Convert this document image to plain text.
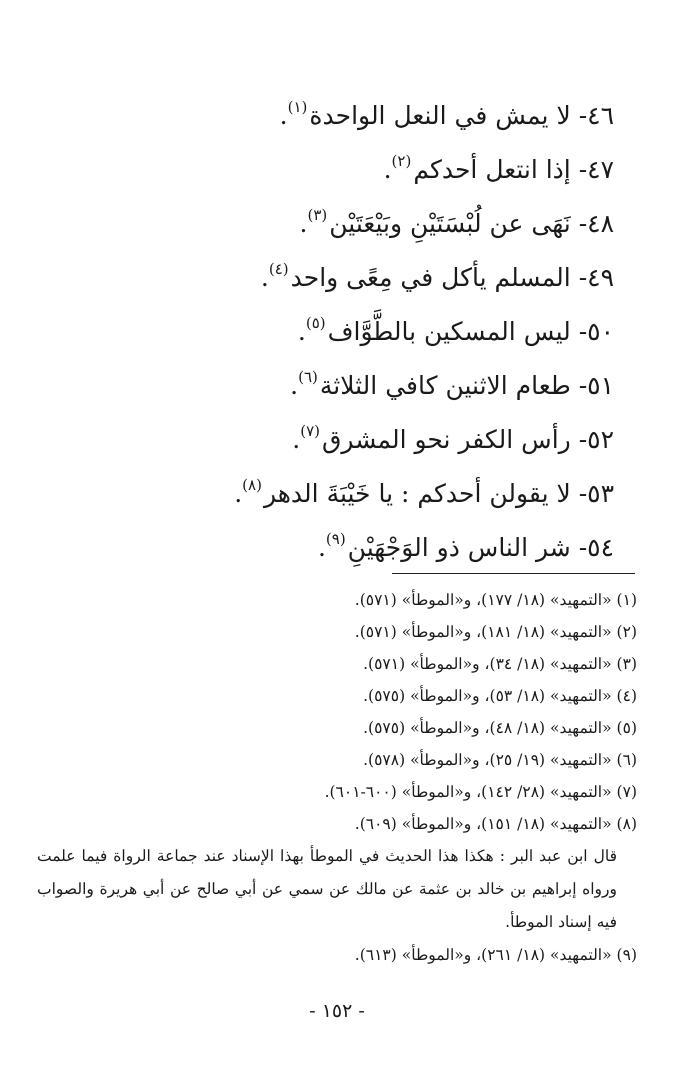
٤٦- لا يمش في النعل الواحدة$^{(١)}$.
٤٧- إذا انتعل أحدكم$^{(٢)}$.
٤٨- نَهَى عن لُبْسَتَيْنِ وبَيْعَتَيْن$^{(٣)}$.
٤٩- المسلم يأكل في مِعًى واحد$^{(٤)}$.
٥٠- ليس المسكين بالطَّوَّاف$^{(٥)}$.
٥١- طعام الاثنين كافي الثلاثة$^{(٦)}$.
٥٢- رأس الكفر نحو المشرق$^{(٧)}$.
٥٣- لا يقولن أحدكم : يا خَيْبَةَ الدهر$^{(٨)}$.
٥٤- شر الناس ذو الوَجْهَيْنِ$^{(٩)}$.
(١) «التمهيد» (١٨/ ١٧٧)، و«الموطأ» (٥٧١).
(٢) «التمهيد» (١٨/ ١٨١)، و«الموطأ» (٥٧١).
(٣) «التمهيد» (١٨/ ٣٤)، و«الموطأ» (٥٧١).
(٤) «التمهيد» (١٨/ ٥٣)، و«الموطأ» (٥٧٥).
(٥) «التمهيد» (١٨/ ٤٨)، و«الموطأ» (٥٧٥).
(٦) «التمهيد» (١٩/ ٢٥)، و«الموطأ» (٥٧٨).
(٧) «التمهيد» (٢٨/ ١٤٢)، و«الموطأ» (٦٠٠-٦٠١).
(٨) «التمهيد» (١٨/ ١٥١)، و«الموطأ» (٦٠٩).
قال ابن عبد البر : هكذا هذا الحديث في الموطأ بهذا الإسناد عند جماعة الرواة فيما علمت ورواه إبراهيم بن خالد بن عثمة عن مالك عن سمي عن أبي صالح عن أبي هريرة والصواب فيه إسناد الموطأ.
(٩) «التمهيد» (١٨/ ٢٦١)، و«الموطأ» (٦١٣).
- ١٥٢ -
